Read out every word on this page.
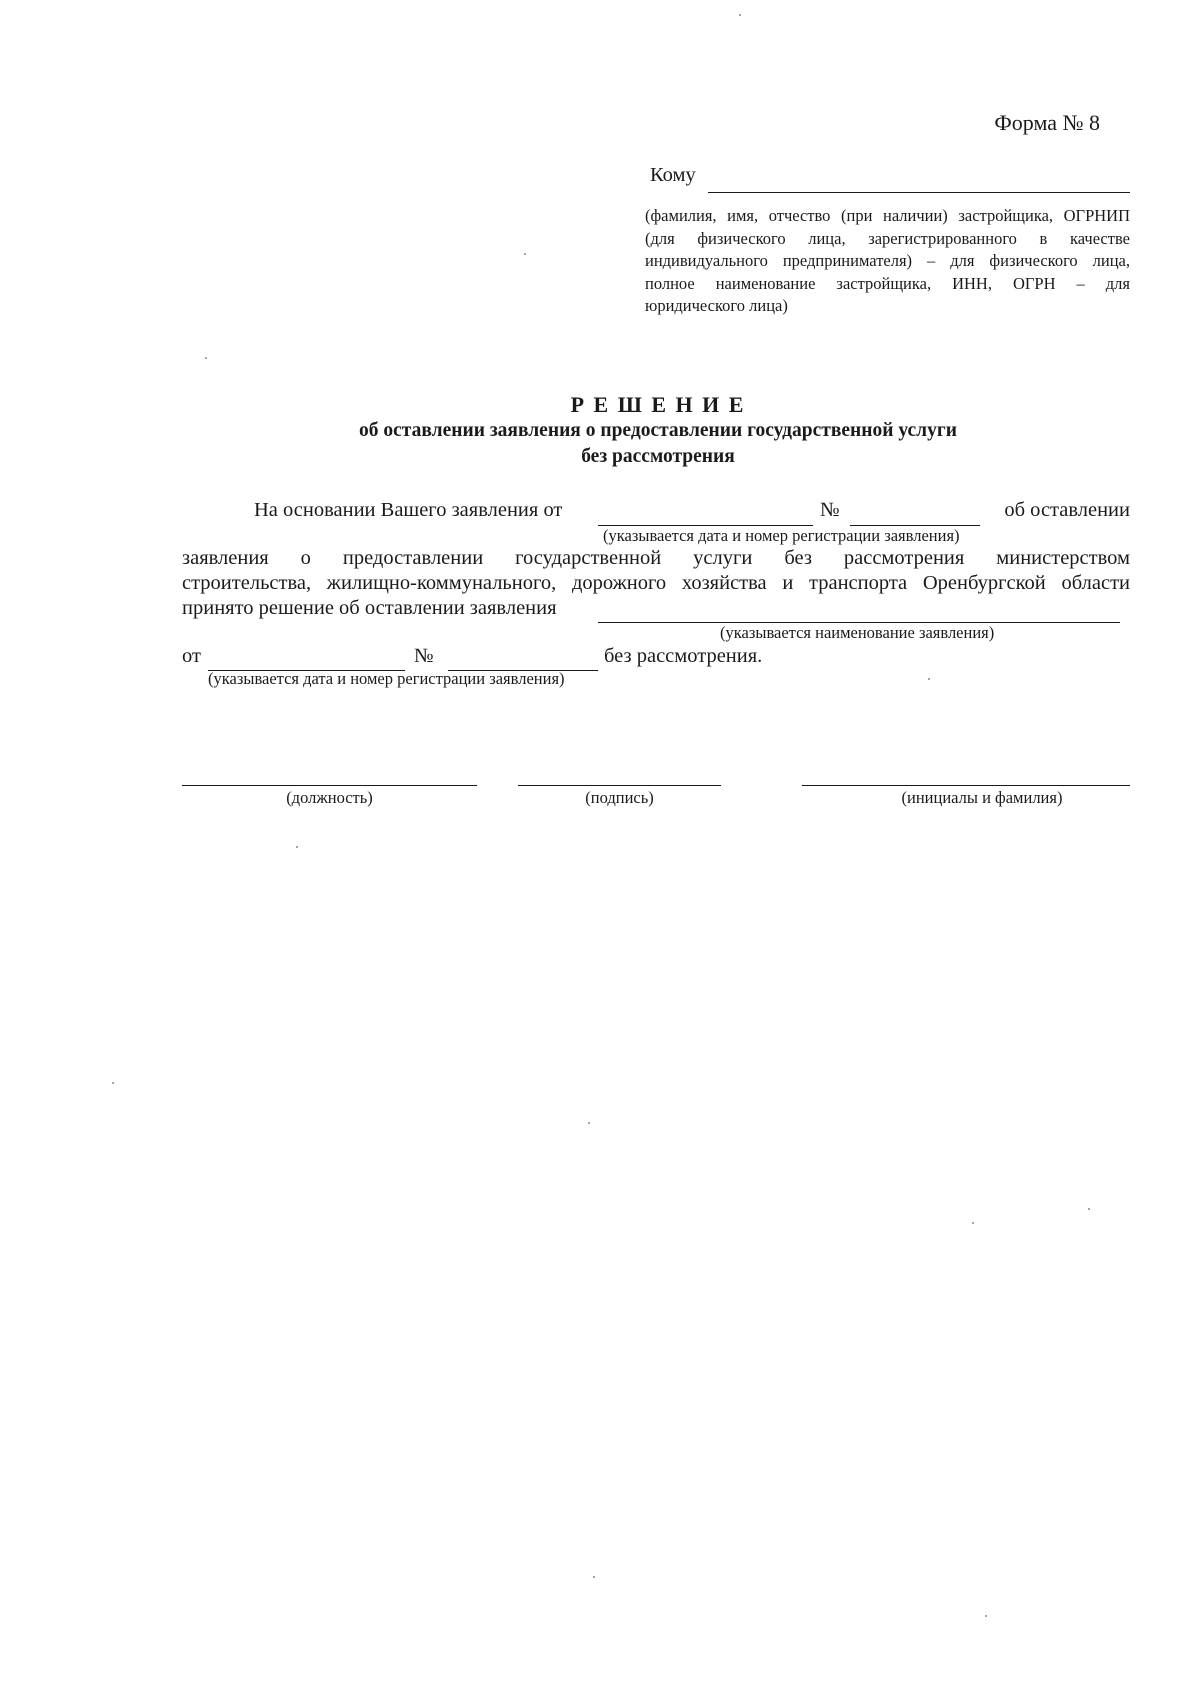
Форма № 8
Кому
(фамилия, имя, отчество (при наличии) застройщика, ОГРНИП
(для физического лица, зарегистрированного в качестве
индивидуального предпринимателя) – для физического лица,
полное наименование застройщика, ИНН, ОГРН – для
юридического лица)
Р Е Ш Е Н И Е
об оставлении заявления о предоставлении государственной услуги
без рассмотрения
На основании Вашего заявления от	№	об оставлении
(указывается дата и номер регистрации заявления)
заявления о предоставлении государственной услуги без рассмотрения министерством
строительства, жилищно-коммунального, дорожного хозяйства и транспорта Оренбургской области
принято решение об оставлении заявления
(указывается наименование заявления)
от	№	без рассмотрения.
(указывается дата и номер регистрации заявления)
(должность)	(подпись)	(инициалы и фамилия)
